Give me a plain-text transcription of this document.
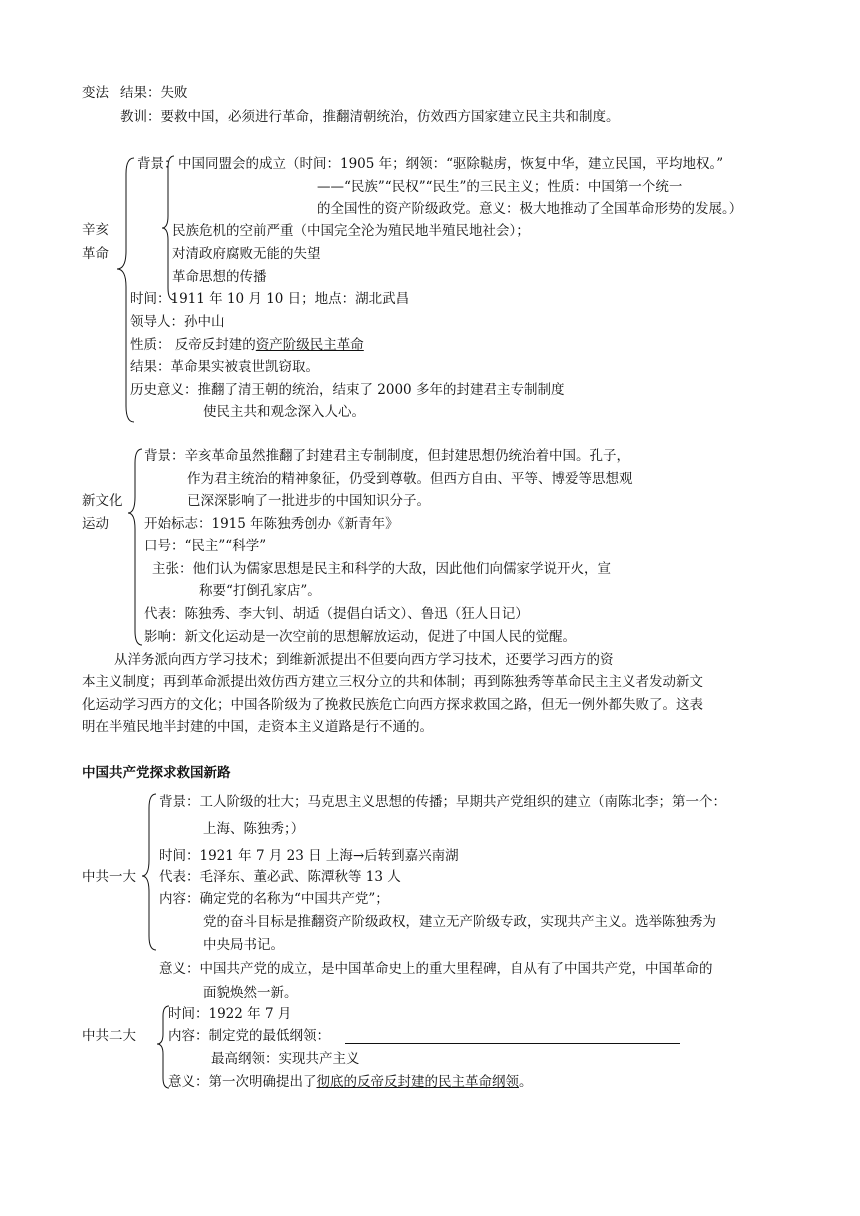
变法 结果：失败
教训：要救中国，必须进行革命，推翻清朝统治，仿效西方国家建立民主共和制度。
辛亥
革命
背景： 中国同盟会的成立（时间：1905 年；纲领：“驱除鞑虏，恢复中华，建立民国，平均地权。”
——“民族”“民权”“民生”的三民主义；性质：中国第一个统一
的全国性的资产阶级政党。意义：极大地推动了全国革命形势的发展。）
民族危机的空前严重（中国完全沦为殖民地半殖民地社会）；
对清政府腐败无能的失望
革命思想的传播
时间：1911 年 10 月 10 日；地点：湖北武昌
领导人：孙中山
性质： 反帝反封建的资产阶级民主革命
结果：革命果实被袁世凯窃取。
历史意义：推翻了清王朝的统治，结束了 2000 多年的封建君主专制制度
使民主共和观念深入人心。
新文化
运动
背景：辛亥革命虽然推翻了封建君主专制制度，但封建思想仍统治着中国。孔子，
作为君主统治的精神象征，仍受到尊敬。但西方自由、平等、博爱等思想观
已深深影响了一批进步的中国知识分子。
开始标志：1915 年陈独秀创办《新青年》
口号：“民主”“科学”
主张：他们认为儒家思想是民主和科学的大敌，因此他们向儒家学说开火，宣
称要“打倒孔家店”。
代表：陈独秀、李大钊、胡适（提倡白话文）、鲁迅（狂人日记）
影响：新文化运动是一次空前的思想解放运动，促进了中国人民的觉醒。
从洋务派向西方学习技术；到维新派提出不但要向西方学习技术，还要学习西方的资
本主义制度；再到革命派提出效仿西方建立三权分立的共和体制；再到陈独秀等革命民主主义者发动新文
化运动学习西方的文化；中国各阶级为了挽救民族危亡向西方探求救国之路，但无一例外都失败了。这表
明在半殖民地半封建的中国，走资本主义道路是行不通的。
中国共产党探求救国新路
中共一大
背景：工人阶级的壮大；马克思主义思想的传播；早期共产党组织的建立（南陈北李；第一个：
上海、陈独秀；）
时间：1921 年 7 月 23 日 上海→后转到嘉兴南湖
代表：毛泽东、董必武、陈潭秋等 13 人
内容：确定党的名称为“中国共产党”；
党的奋斗目标是推翻资产阶级政权，建立无产阶级专政，实现共产主义。选举陈独秀为
中央局书记。
意义：中国共产党的成立，是中国革命史上的重大里程碑，自从有了中国共产党，中国革命的
面貌焕然一新。
中共二大
时间：1922 年 7 月
内容：制定党的最低纲领：
最高纲领：实现共产主义
意义：第一次明确提出了彻底的反帝反封建的民主革命纲领。
